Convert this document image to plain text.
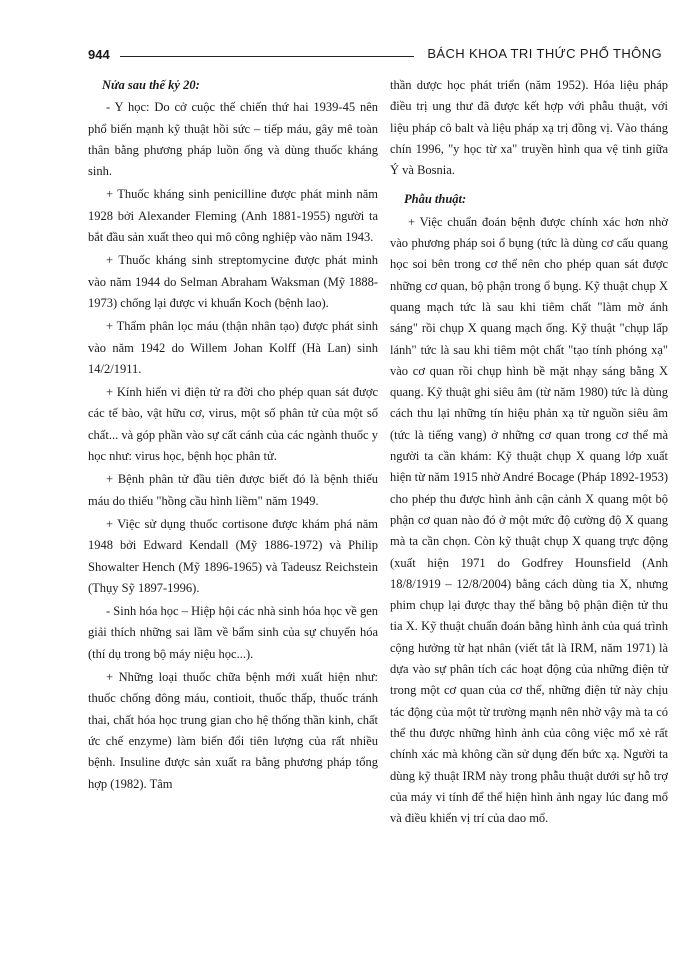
944	BÁCH KHOA TRI THỨC PHỔ THÔNG

Nửa sau thế kỷ 20:

- Y học: Do cở cuộc thế chiến thứ hai 1939-45 nên phổ biến mạnh kỹ thuật hồi sức – tiếp máu, gây mê toàn thân bằng phương pháp luồn ống và dùng thuốc kháng sinh.

+ Thuốc kháng sinh penicilline được phát minh năm 1928 bởi Alexander Fleming (Anh 1881-1955) người ta bắt đầu sản xuất theo qui mô công nghiệp vào năm 1943.

+ Thuốc kháng sinh streptomycine được phát minh vào năm 1944 do Selman Abraham Waksman (Mỹ 1888-1973) chống lại được vi khuẩn Koch (bệnh lao).

+ Thẩm phân lọc máu (thận nhân tạo) được phát sinh vào năm 1942 do Willem Johan Kolff (Hà Lan) sinh 14/2/1911.

+ Kính hiển vi điện tử ra đời cho phép quan sát được các tế bào, vật hữu cơ, virus, một số phân tử của một số chất... và góp phần vào sự cất cánh của các ngành thuốc y học như: virus học, bệnh học phân tử.

+ Bệnh phân tử đầu tiên được biết đó là bệnh thiếu máu do thiếu "hồng cầu hình liềm" năm 1949.

+ Việc sử dụng thuốc cortisone được khám phá năm 1948 bởi Edward Kendall (Mỹ 1886-1972) và Philip Showalter Hench (Mỹ 1896-1965) và Tadeusz Reichstein (Thụy Sỹ 1897-1996).

- Sinh hóa học – Hiệp hội các nhà sinh hóa học về gen giải thích những sai lầm về bẩm sinh của sự chuyển hóa (thí dụ trong bộ máy niệu học...).

+ Những loại thuốc chữa bệnh mới xuất hiện như: thuốc chống đông máu, contioit, thuốc thấp, thuốc tránh thai, chất hóa học trung gian cho hệ thống thần kinh, chất ức chế enzyme) làm biến đổi tiên lượng của rất nhiều bệnh. Insuline được sản xuất ra bằng phương pháp tổng hợp (1982). Tâm

thần dược học phát triển (năm 1952). Hóa liệu pháp điều trị ung thư đã được kết hợp với phẫu thuật, với liệu pháp cô balt và liệu pháp xạ trị đồng vị. Vào tháng chín 1996, "y học từ xa" truyền hình qua vệ tinh giữa Ý và Bosnia.

Phẫu thuật:

+ Việc chuẩn đoán bệnh được chính xác hơn nhờ vào phương pháp soi ổ bụng (tức là dùng cơ cấu quang học soi bên trong cơ thể nên cho phép quan sát được những cơ quan, bộ phận trong ổ bụng. Kỹ thuật chụp X quang mạch tức là sau khi tiêm chất "làm mờ ánh sáng" rồi chụp X quang mạch ống. Kỹ thuật "chụp lấp lánh" tức là sau khi tiêm một chất "tạo tính phóng xạ" vào cơ quan rồi chụp hình bề mặt nhạy sáng bằng X quang. Kỹ thuật ghi siêu âm (từ năm 1980) tức là dùng cách thu lại những tín hiệu phản xạ từ nguồn siêu âm (tức là tiếng vang) ở những cơ quan trong cơ thể mà người ta cần khám: Kỹ thuật chụp X quang lớp xuất hiện từ năm 1915 nhờ André Bocage (Pháp 1892-1953) cho phép thu được hình ảnh cận cảnh X quang một bộ phận cơ quan nào đó ở một mức độ cường độ X quang mà ta cần chọn. Còn kỹ thuật chụp X quang trực động (xuất hiện 1971 do Godfrey Hounsfield (Anh 18/8/1919 – 12/8/2004) bằng cách dùng tia X, nhưng phim chụp lại được thay thế bằng bộ phận điện tử thu tia X. Kỹ thuật chuẩn đoán bằng hình ảnh của quá trình cộng hưởng từ hạt nhân (viết tắt là IRM, năm 1971) là dựa vào sự phân tích các hoạt động của những điện tử trong một cơ quan của cơ thể, những điện tử này chịu tác động của một từ trường mạnh nên nhờ vậy mà ta có thể thu được những hình ảnh của công việc mổ xẻ rất chính xác mà không cần sử dụng đến bức xạ. Người ta dùng kỹ thuật IRM này trong phẫu thuật dưới sự hỗ trợ của máy vi tính để thể hiện hình ảnh ngay lúc đang mổ và điều khiển vị trí của dao mổ.
